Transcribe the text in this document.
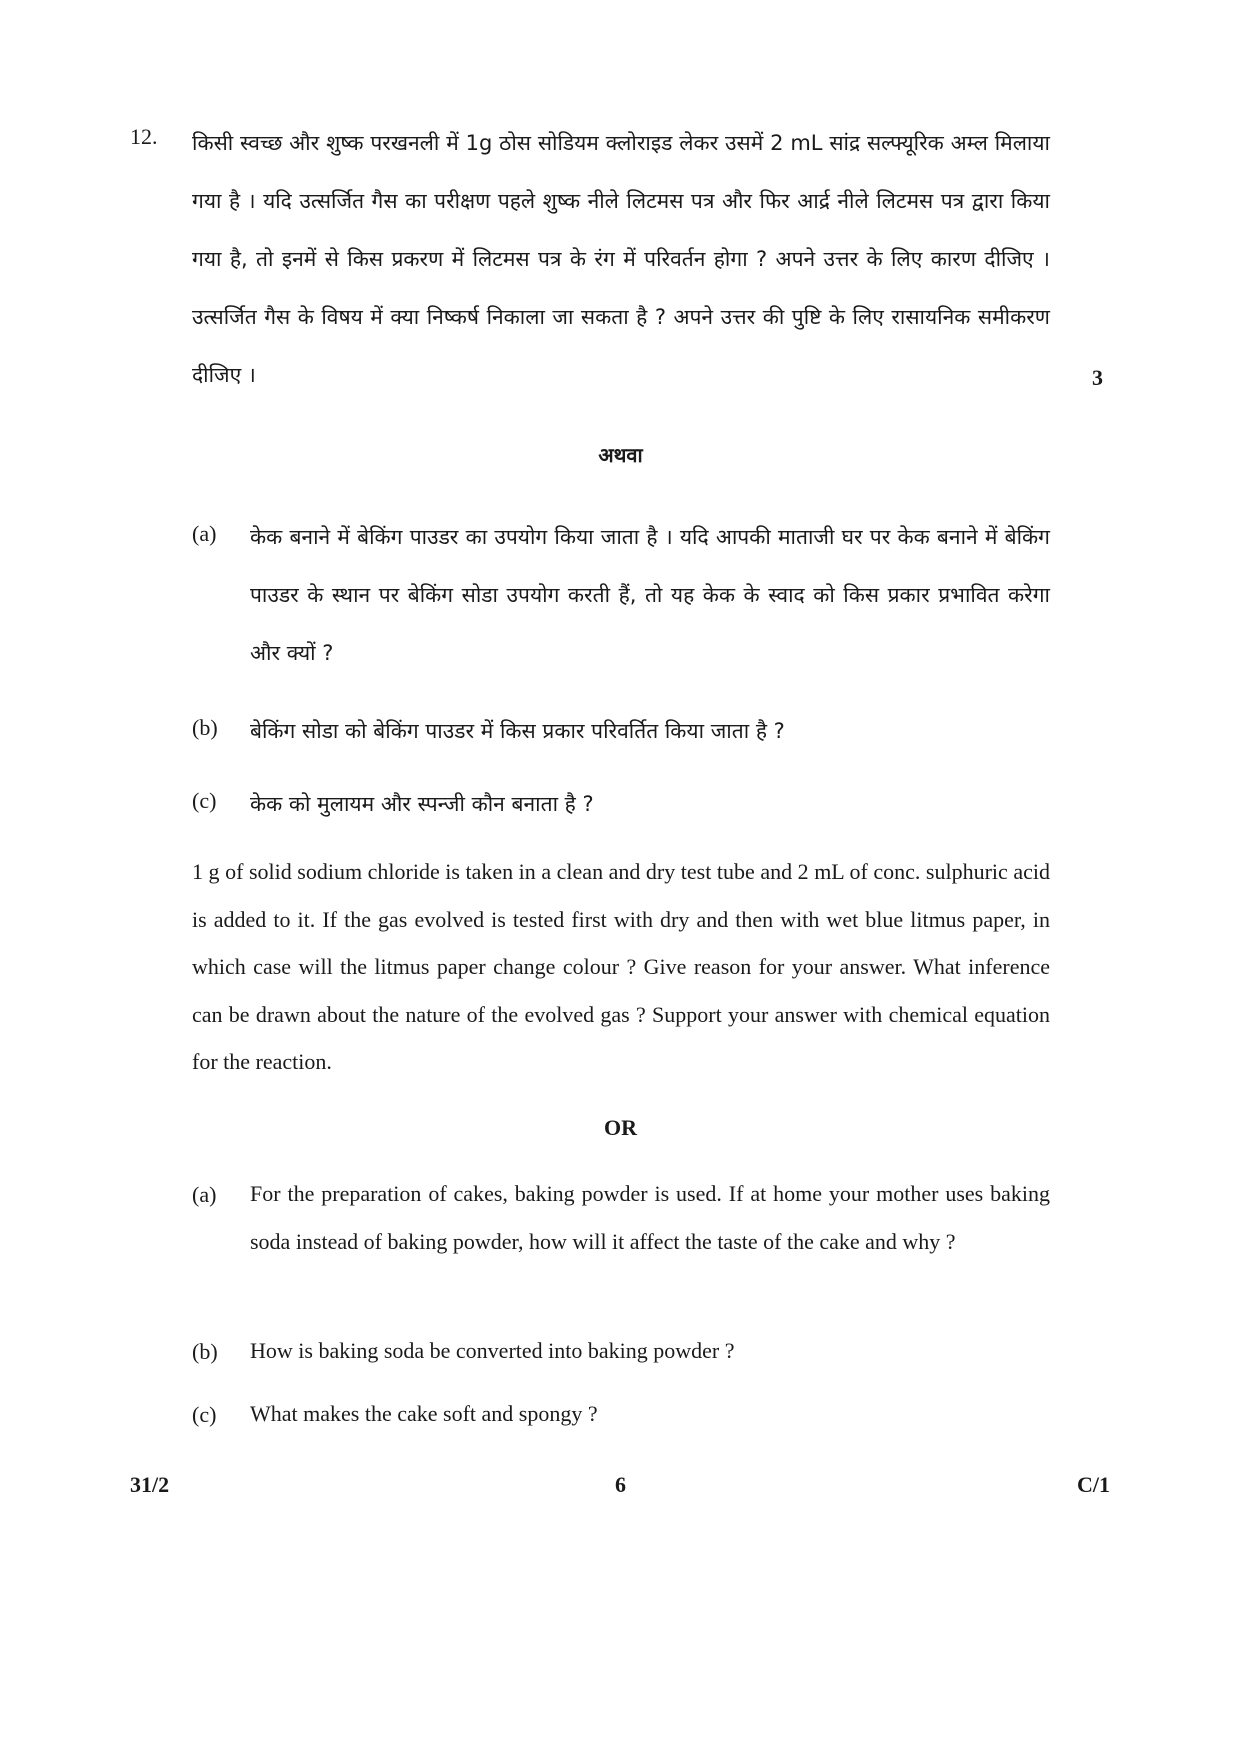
12. किसी स्वच्छ और शुष्क परखनली में 1g ठोस सोडियम क्लोराइड लेकर उसमें 2 mL सांद्र सल्फ्यूरिक अम्ल मिलाया गया है । यदि उत्सर्जित गैस का परीक्षण पहले शुष्क नीले लिटमस पत्र और फिर आर्द्र नीले लिटमस पत्र द्वारा किया गया है, तो इनमें से किस प्रकरण में लिटमस पत्र के रंग में परिवर्तन होगा ? अपने उत्तर के लिए कारण दीजिए । उत्सर्जित गैस के विषय में क्या निष्कर्ष निकाला जा सकता है ? अपने उत्तर की पुष्टि के लिए रासायनिक समीकरण दीजिए ।	3
अथवा
(a)	केक बनाने में बेकिंग पाउडर का उपयोग किया जाता है । यदि आपकी माताजी घर पर केक बनाने में बेकिंग पाउडर के स्थान पर बेकिंग सोडा उपयोग करती हैं, तो यह केक के स्वाद को किस प्रकार प्रभावित करेगा और क्यों ?
(b)	बेकिंग सोडा को बेकिंग पाउडर में किस प्रकार परिवर्तित किया जाता है ?
(c)	केक को मुलायम और स्पन्जी कौन बनाता है ?
1 g of solid sodium chloride is taken in a clean and dry test tube and 2 mL of conc. sulphuric acid is added to it. If the gas evolved is tested first with dry and then with wet blue litmus paper, in which case will the litmus paper change colour ? Give reason for your answer. What inference can be drawn about the nature of the evolved gas ? Support your answer with chemical equation for the reaction.
OR
(a)	For the preparation of cakes, baking powder is used. If at home your mother uses baking soda instead of baking powder, how will it affect the taste of the cake and why ?
(b)	How is baking soda be converted into baking powder ?
(c)	What makes the cake soft and spongy ?
31/2	6	C/1
